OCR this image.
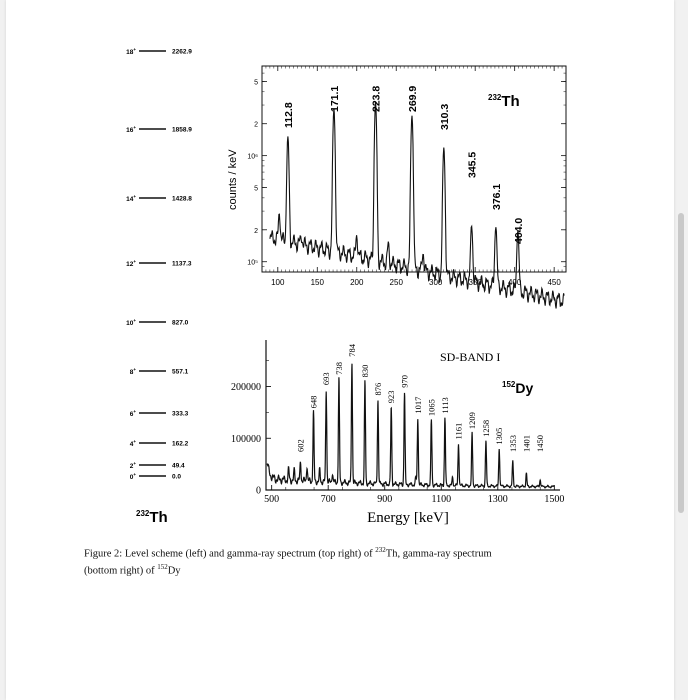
0+	0.0
2+	49.4
4+	162.2
6+	333.3
8+	557.1
10+	827.0
12+	1137.3
14+	1428.8
16+	1858.9
18+	2262.9
$^{232}$Th
100	150	200	250	300	350	400	450
10⁵
2
5
10⁶
2
5
112.8
171.1	223.8 269.9
310.3
345.5
376.1
404.0
counts / keV
$^{232}$Th
500	700	900	1100	1300	1500
0
100000
200000
602
648
693
738
784
830
876
923
970
1017 1065 1113
1161
1209 1258 1305 1353 1401 1450
Energy [keV]
SD-BAND I
$^{152}$Dy
Figure 2: Level scheme (left) and gamma-ray spectrum (top right) of $^{232}$Th, gamma-ray spectrum
(bottom right) of $^{152}$Dy
